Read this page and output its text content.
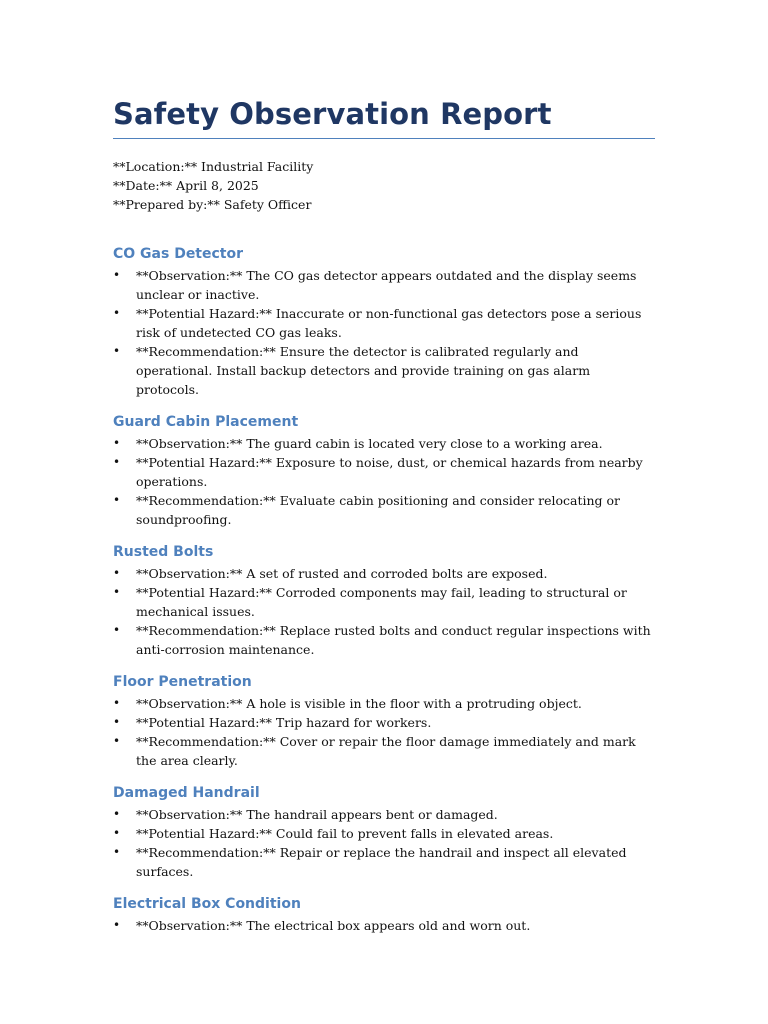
Safety Observation Report
**Location:** Industrial Facility
**Date:** April 8, 2025
**Prepared by:** Safety Officer
CO Gas Detector
• **Observation:** The CO gas detector appears outdated and the display seems unclear or inactive.
• **Potential Hazard:** Inaccurate or non-functional gas detectors pose a serious risk of undetected CO gas leaks.
• **Recommendation:** Ensure the detector is calibrated regularly and operational. Install backup detectors and provide training on gas alarm protocols.
Guard Cabin Placement
• **Observation:** The guard cabin is located very close to a working area.
• **Potential Hazard:** Exposure to noise, dust, or chemical hazards from nearby operations.
• **Recommendation:** Evaluate cabin positioning and consider relocating or soundproofing.
Rusted Bolts
• **Observation:** A set of rusted and corroded bolts are exposed.
• **Potential Hazard:** Corroded components may fail, leading to structural or mechanical issues.
• **Recommendation:** Replace rusted bolts and conduct regular inspections with anti-corrosion maintenance.
Floor Penetration
• **Observation:** A hole is visible in the floor with a protruding object.
• **Potential Hazard:** Trip hazard for workers.
• **Recommendation:** Cover or repair the floor damage immediately and mark the area clearly.
Damaged Handrail
• **Observation:** The handrail appears bent or damaged.
• **Potential Hazard:** Could fail to prevent falls in elevated areas.
• **Recommendation:** Repair or replace the handrail and inspect all elevated surfaces.
Electrical Box Condition
• **Observation:** The electrical box appears old and worn out.
